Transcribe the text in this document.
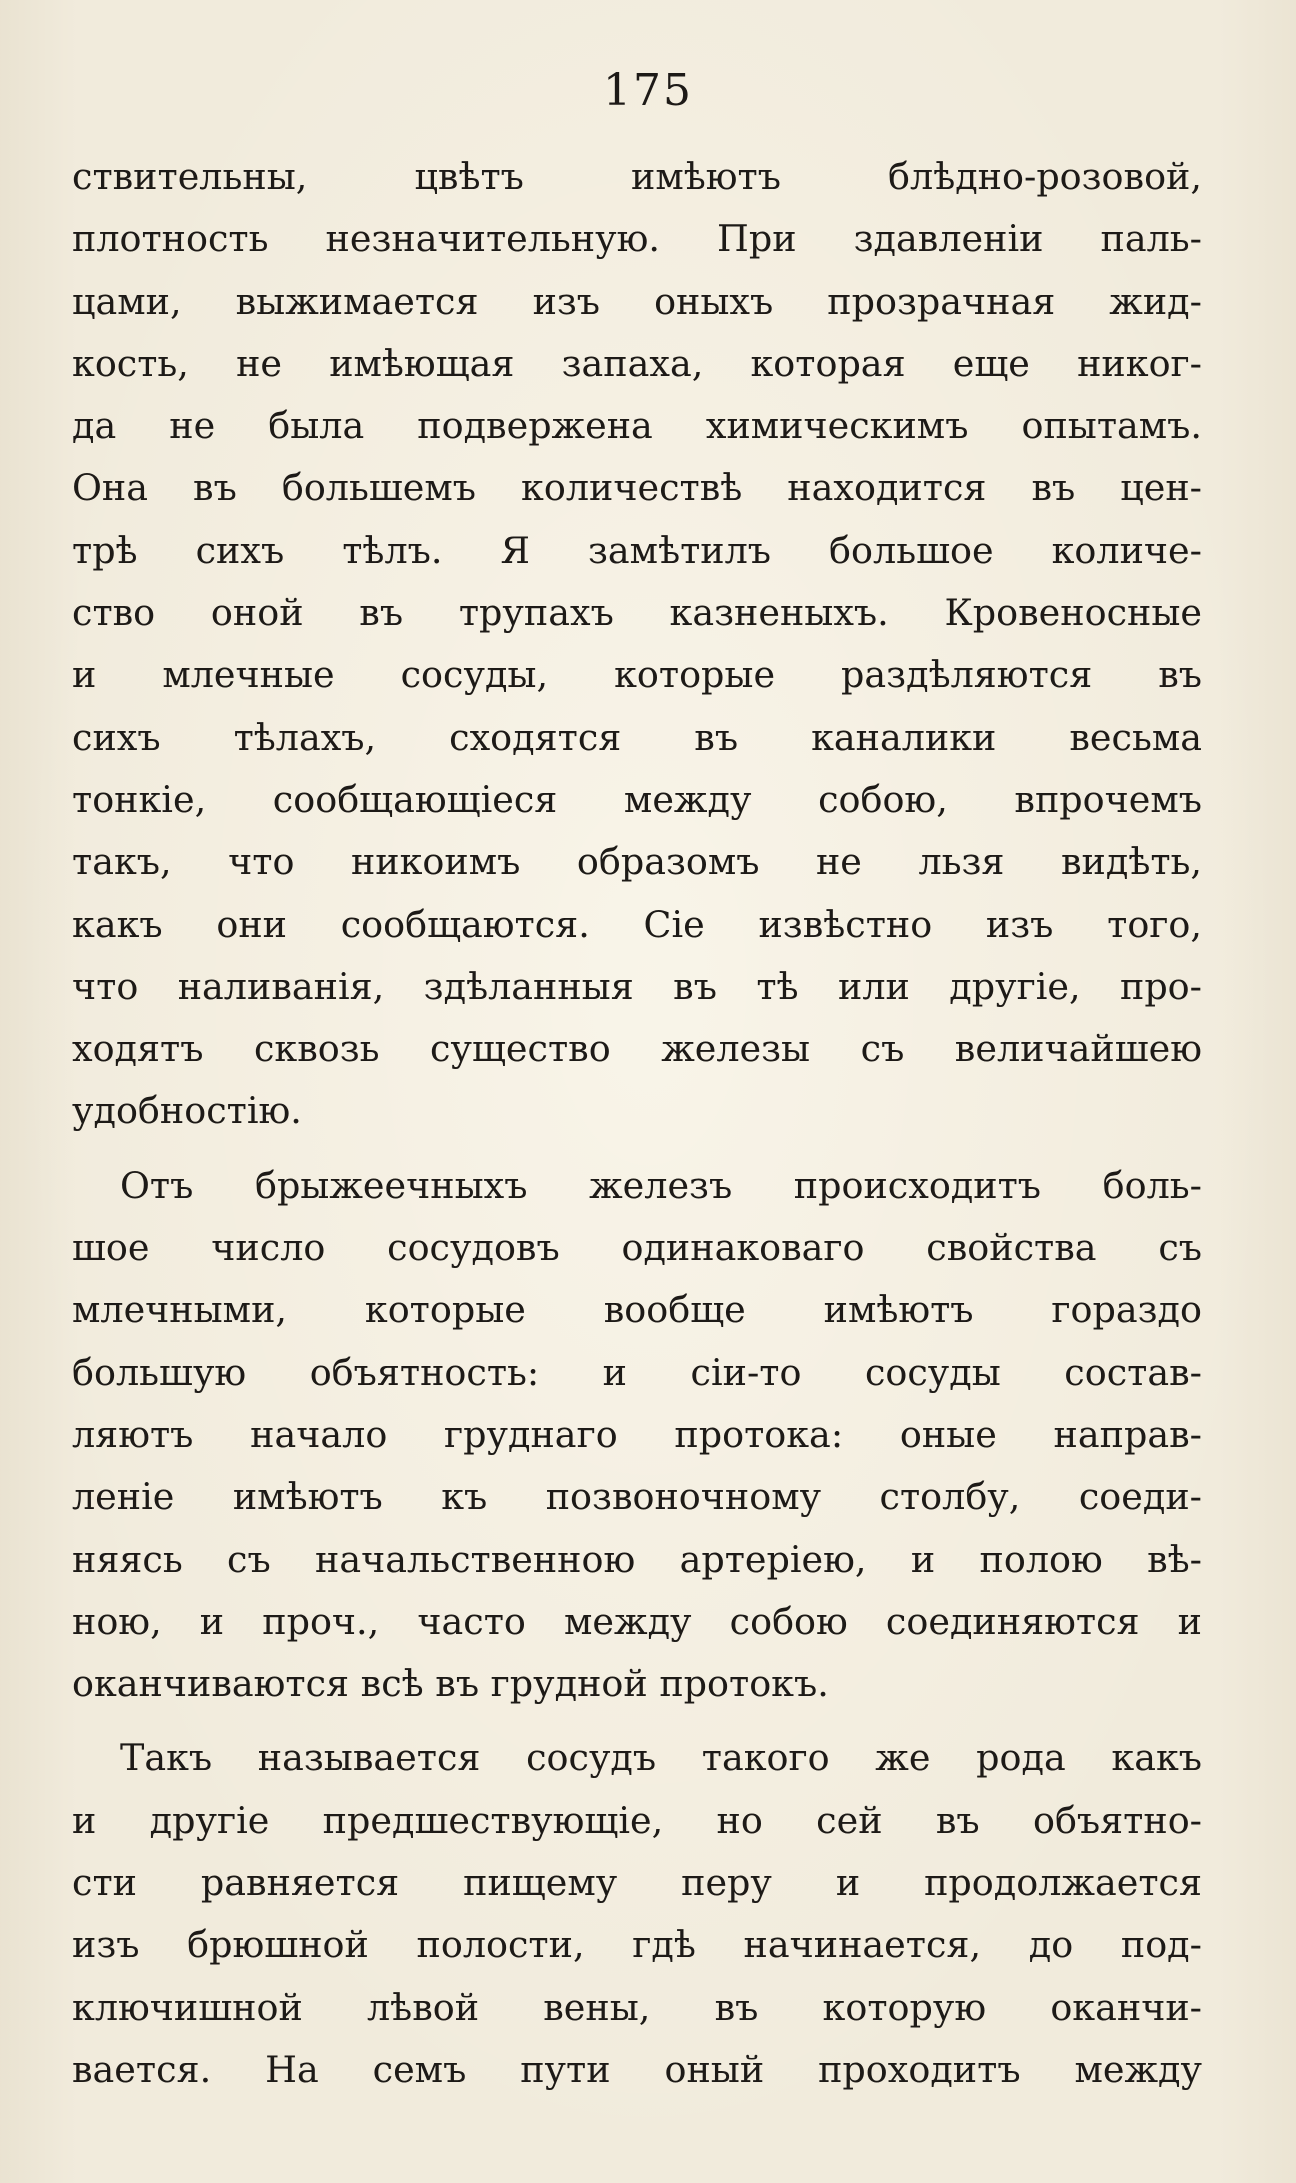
175
ствительны, цвѣтъ имѣютъ блѣдно-розовой,
плотность незначительную. При здавленіи паль-
цами, выжимается изъ оныхъ прозрачная жид-
кость, не имѣющая запаха, которая еще никог-
да не была подвержена химическимъ опытамъ.
Она въ большемъ количествѣ находится въ цен-
трѣ сихъ тѣлъ. Я замѣтилъ большое количе-
ство оной въ трупахъ казненыхъ. Кровеносные
и млечные сосуды, которые раздѣляются въ
сихъ тѣлахъ, сходятся въ каналики весьма
тонкіе, сообщающіеся между собою, впрочемъ
такъ, что никоимъ образомъ не льзя видѣть,
какъ они сообщаются. Сіе извѣстно изъ того,
что наливанія, здѣланныя въ тѣ или другіе, про-
ходятъ сквозь существо железы съ величайшею
удобностію.
Отъ брыжеечныхъ железъ происходитъ боль-
шое число сосудовъ одинаковаго свойства съ
млечными, которые вообще имѣютъ гораздо
большую объятность: и сіи-то сосуды состав-
ляютъ начало груднаго протока: оные направ-
леніе имѣютъ къ позвоночному столбу, соеди-
няясь съ начальственною артеріею, и полою вѣ-
ною, и проч., часто между собою соединяются и
оканчиваются всѣ въ грудной протокъ.
Такъ называется сосудъ такого же рода какъ
и другіе предшествующіе, но сей въ объятно-
сти равняется пищему перу и продолжается
изъ брюшной полости, гдѣ начинается, до под-
ключишной лѣвой вены, въ которую оканчи-
вается. На семъ пути оный проходитъ между
